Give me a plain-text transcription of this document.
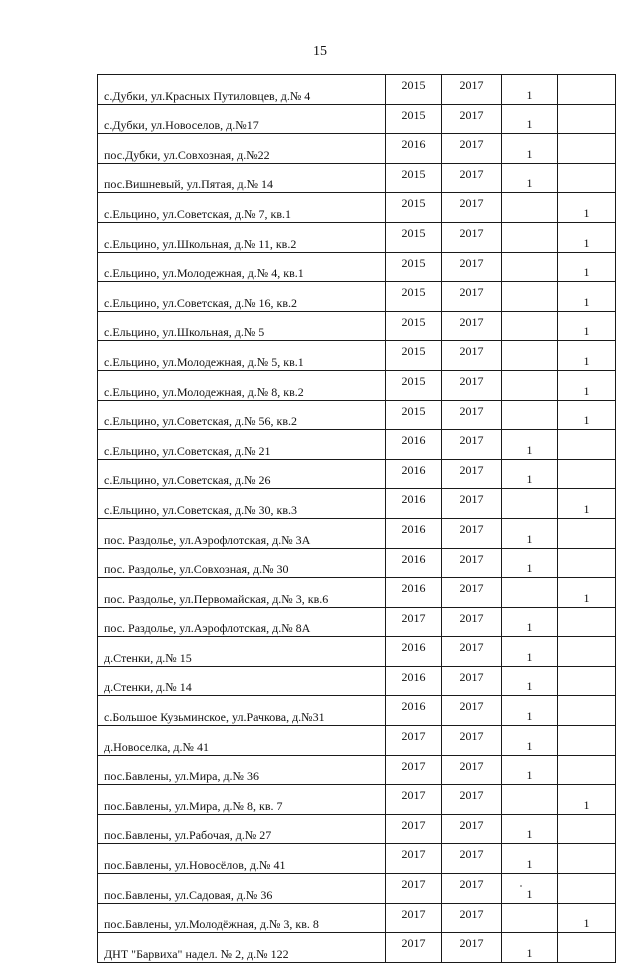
15
с.Дубки, ул.Красных Путиловцев, д.№ 4	2015	2017	1	
с.Дубки, ул.Новоселов, д.№17	2015	2017	1	
пос.Дубки, ул.Совхозная, д.№22	2016	2017	1	
пос.Вишневый, ул.Пятая, д.№ 14	2015	2017	1	
с.Ельцино, ул.Советская, д.№ 7, кв.1	2015	2017		1
с.Ельцино, ул.Школьная, д.№ 11, кв.2	2015	2017		1
с.Ельцино, ул.Молодежная, д.№ 4, кв.1	2015	2017		1
с.Ельцино, ул.Советская, д.№ 16, кв.2	2015	2017		1
с.Ельцино, ул.Школьная, д.№ 5	2015	2017		1
с.Ельцино, ул.Молодежная, д.№ 5, кв.1	2015	2017		1
с.Ельцино, ул.Молодежная, д.№ 8, кв.2	2015	2017		1
с.Ельцино, ул.Советская, д.№ 56, кв.2	2015	2017		1
с.Ельцино, ул.Советская, д.№ 21	2016	2017	1	
с.Ельцино, ул.Советская, д.№ 26	2016	2017	1	
с.Ельцино, ул.Советская, д.№ 30, кв.3	2016	2017		1
пос. Раздолье, ул.Аэрофлотская, д.№ 3А	2016	2017	1	
пос. Раздолье, ул.Совхозная, д.№ 30	2016	2017	1	
пос. Раздолье, ул.Первомайская, д.№ 3, кв.6	2016	2017		1
пос. Раздолье, ул.Аэрофлотская, д.№ 8А	2017	2017	1	
д.Стенки, д.№ 15	2016	2017	1	
д.Стенки, д.№ 14	2016	2017	1	
с.Большое Кузьминское, ул.Рачкова, д.№31	2016	2017	1	
д.Новоселка, д.№ 41	2017	2017	1	
пос.Бавлены, ул.Мира, д.№ 36	2017	2017	1	
пос.Бавлены, ул.Мира, д.№ 8, кв. 7	2017	2017		1
пос.Бавлены, ул.Рабочая, д.№ 27	2017	2017	1	
пос.Бавлены, ул.Новосёлов, д.№ 41	2017	2017	1	
пос.Бавлены, ул.Садовая, д.№ 36	2017	2017	1	
пос.Бавлены, ул.Молодёжная, д.№ 3, кв. 8	2017	2017		1
ДНТ "Барвиха" надел. № 2, д.№ 122	2017	2017	1	
